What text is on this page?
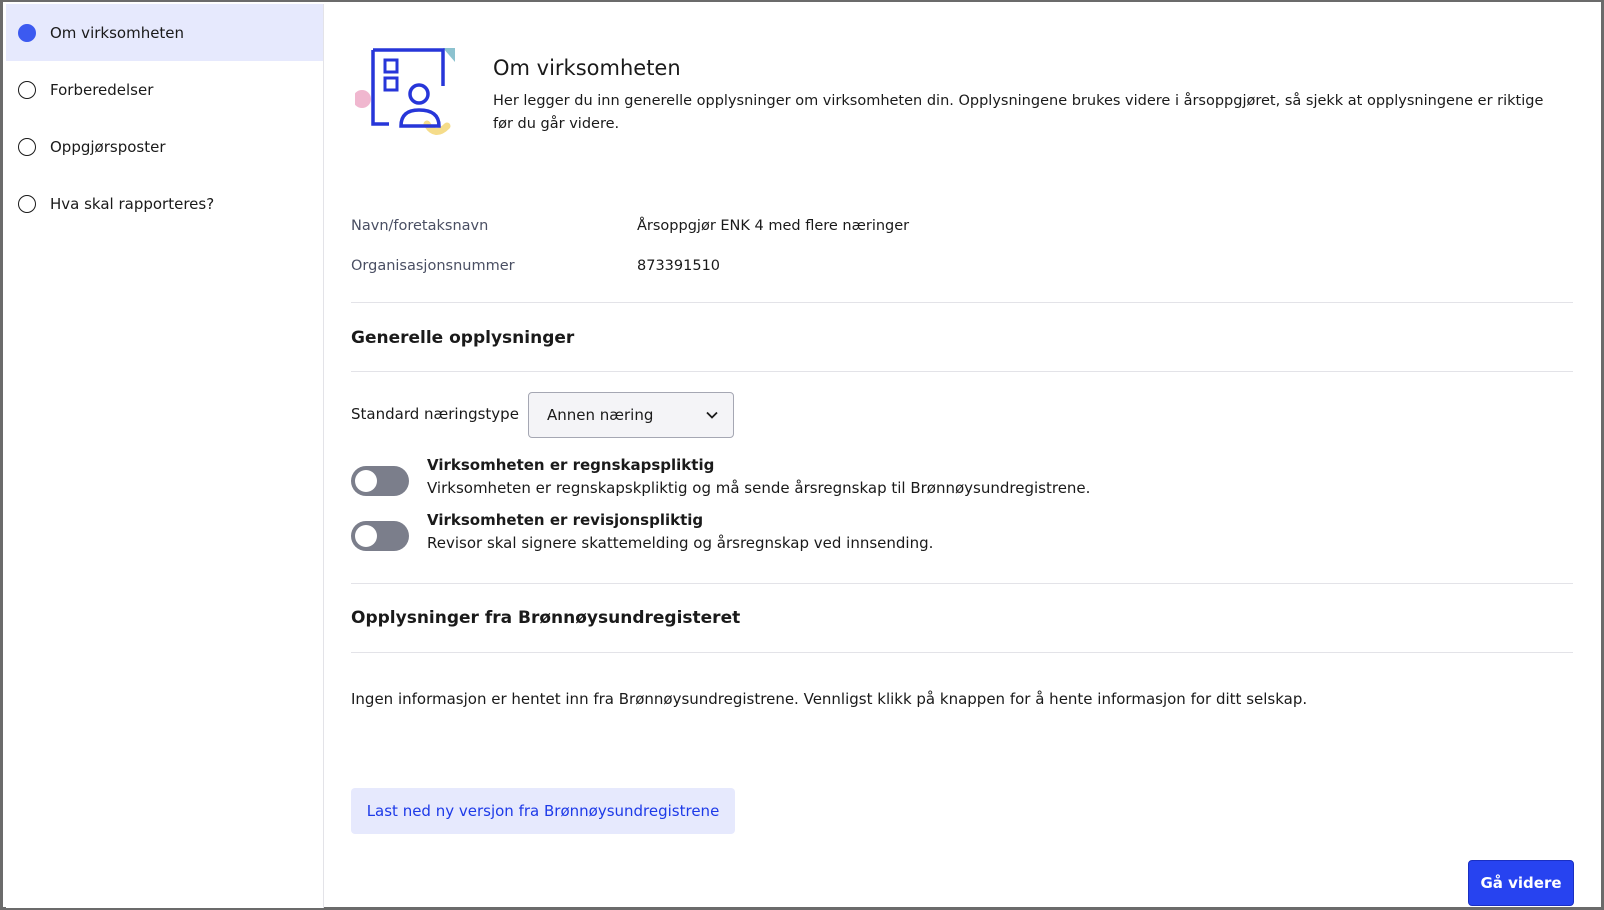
Om virksomheten
Forberedelser
Oppgjørsposter
Hva skal rapporteres?
Om virksomheten

Her legger du inn generelle opplysninger om virksomheten din. Opplysningene brukes videre i årsoppgjøret, så sjekk at opplysningene er riktige før du går videre.

Navn/foretaksnavn	Årsoppgjør ENK 4 med flere næringer
Organisasjonsnummer	873391510
Generelle opplysninger
Standard næringstype	Annen næring
Virksomheten er regnskapspliktig
Virksomheten er regnskapskpliktig og må sende årsregnskap til Brønnøysundregistrene.
Virksomheten er revisjonspliktig
Revisor skal signere skattemelding og årsregnskap ved innsending.
Opplysninger fra Brønnøysundregisteret

Ingen informasjon er hentet inn fra Brønnøysundregistrene. Vennligst klikk på knappen for å hente informasjon for ditt selskap.

Last ned ny versjon fra Brønnøysundregistrene
Gå videre
